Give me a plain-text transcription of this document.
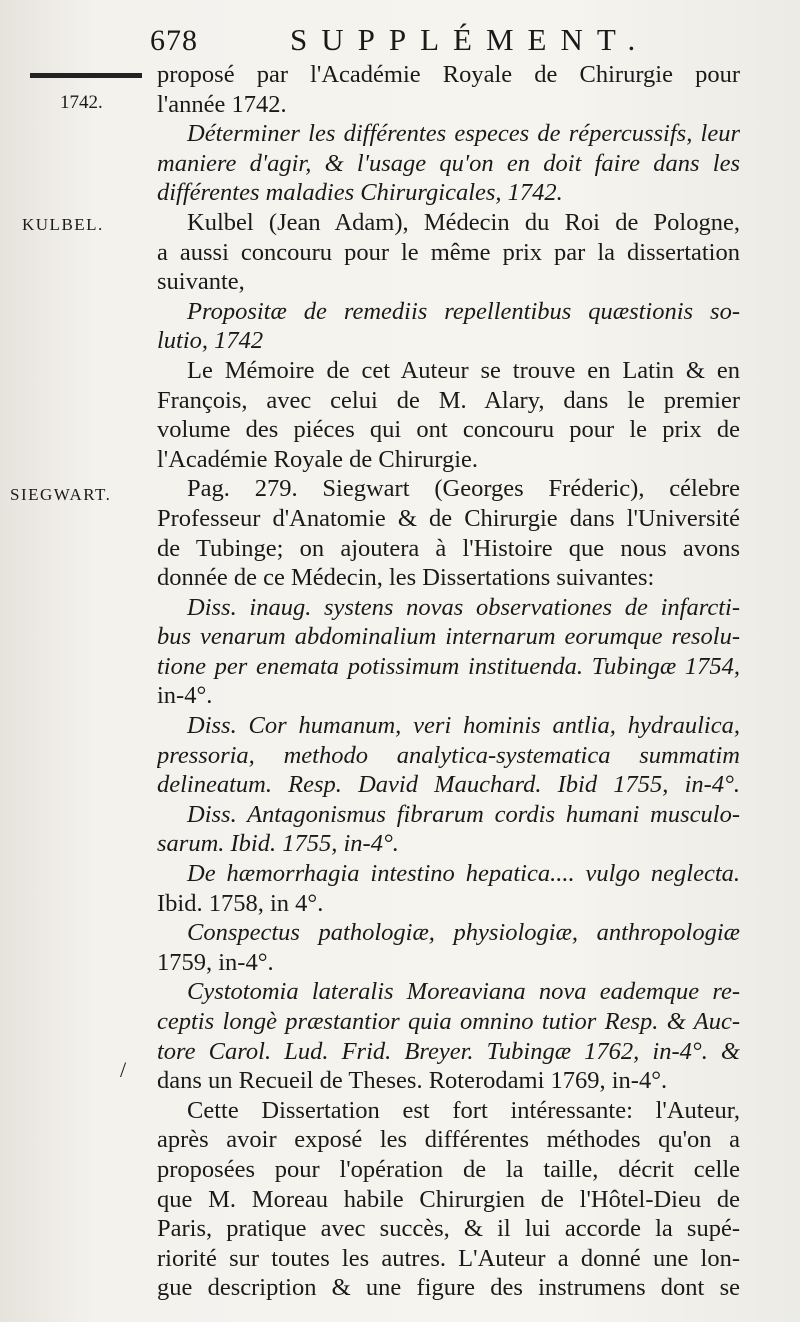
678	SUPPLÉMENT.
1742.
KULBEL.
SIEGWART.
/
proposé par l'Académie Royale de Chirurgie pour
l'année 1742.
Déterminer les différentes especes de répercussifs, leur
maniere d'agir, & l'usage qu'on en doit faire dans les
différentes maladies Chirurgicales, 1742.
Kulbel (Jean Adam), Médecin du Roi de Pologne,
a aussi concouru pour le même prix par la dissertation
suivante,
Propositæ de remediis repellentibus quæstionis so-
lutio, 1742
Le Mémoire de cet Auteur se trouve en Latin & en
François, avec celui de M. Alary, dans le premier
volume des piéces qui ont concouru pour le prix de
l'Académie Royale de Chirurgie.
Pag. 279. Siegwart (Georges Fréderic), célebre
Professeur d'Anatomie & de Chirurgie dans l'Université
de Tubinge; on ajoutera à l'Histoire que nous avons
donnée de ce Médecin, les Dissertations suivantes:
Diss. inaug. systens novas observationes de infarcti-
bus venarum abdominalium internarum eorumque resolu-
tione per enemata potissimum instituenda. Tubingæ 1754,
in-4°.
Diss. Cor humanum, veri hominis antlia, hydraulica,
pressoria, methodo analytica-systematica summatim
delineatum. Resp. David Mauchard. Ibid 1755, in-4°.
Diss. Antagonismus fibrarum cordis humani musculo-
sarum. Ibid. 1755, in-4°.
De hæmorrhagia intestino hepatica.... vulgo neglecta.
Ibid. 1758, in 4°.
Conspectus pathologiæ, physiologiæ, anthropologiæ
1759, in-4°.
Cystotomia lateralis Moreaviana nova eademque re-
ceptis longè præstantior quia omnino tutior Resp. & Auc-
tore Carol. Lud. Frid. Breyer. Tubingæ 1762, in-4°. &
dans un Recueil de Theses. Roterodami 1769, in-4°.
Cette Dissertation est fort intéressante: l'Auteur,
après avoir exposé les différentes méthodes qu'on a
proposées pour l'opération de la taille, décrit celle
que M. Moreau habile Chirurgien de l'Hôtel-Dieu de
Paris, pratique avec succès, & il lui accorde la supé-
riorité sur toutes les autres. L'Auteur a donné une lon-
gue description & une figure des instrumens dont se
